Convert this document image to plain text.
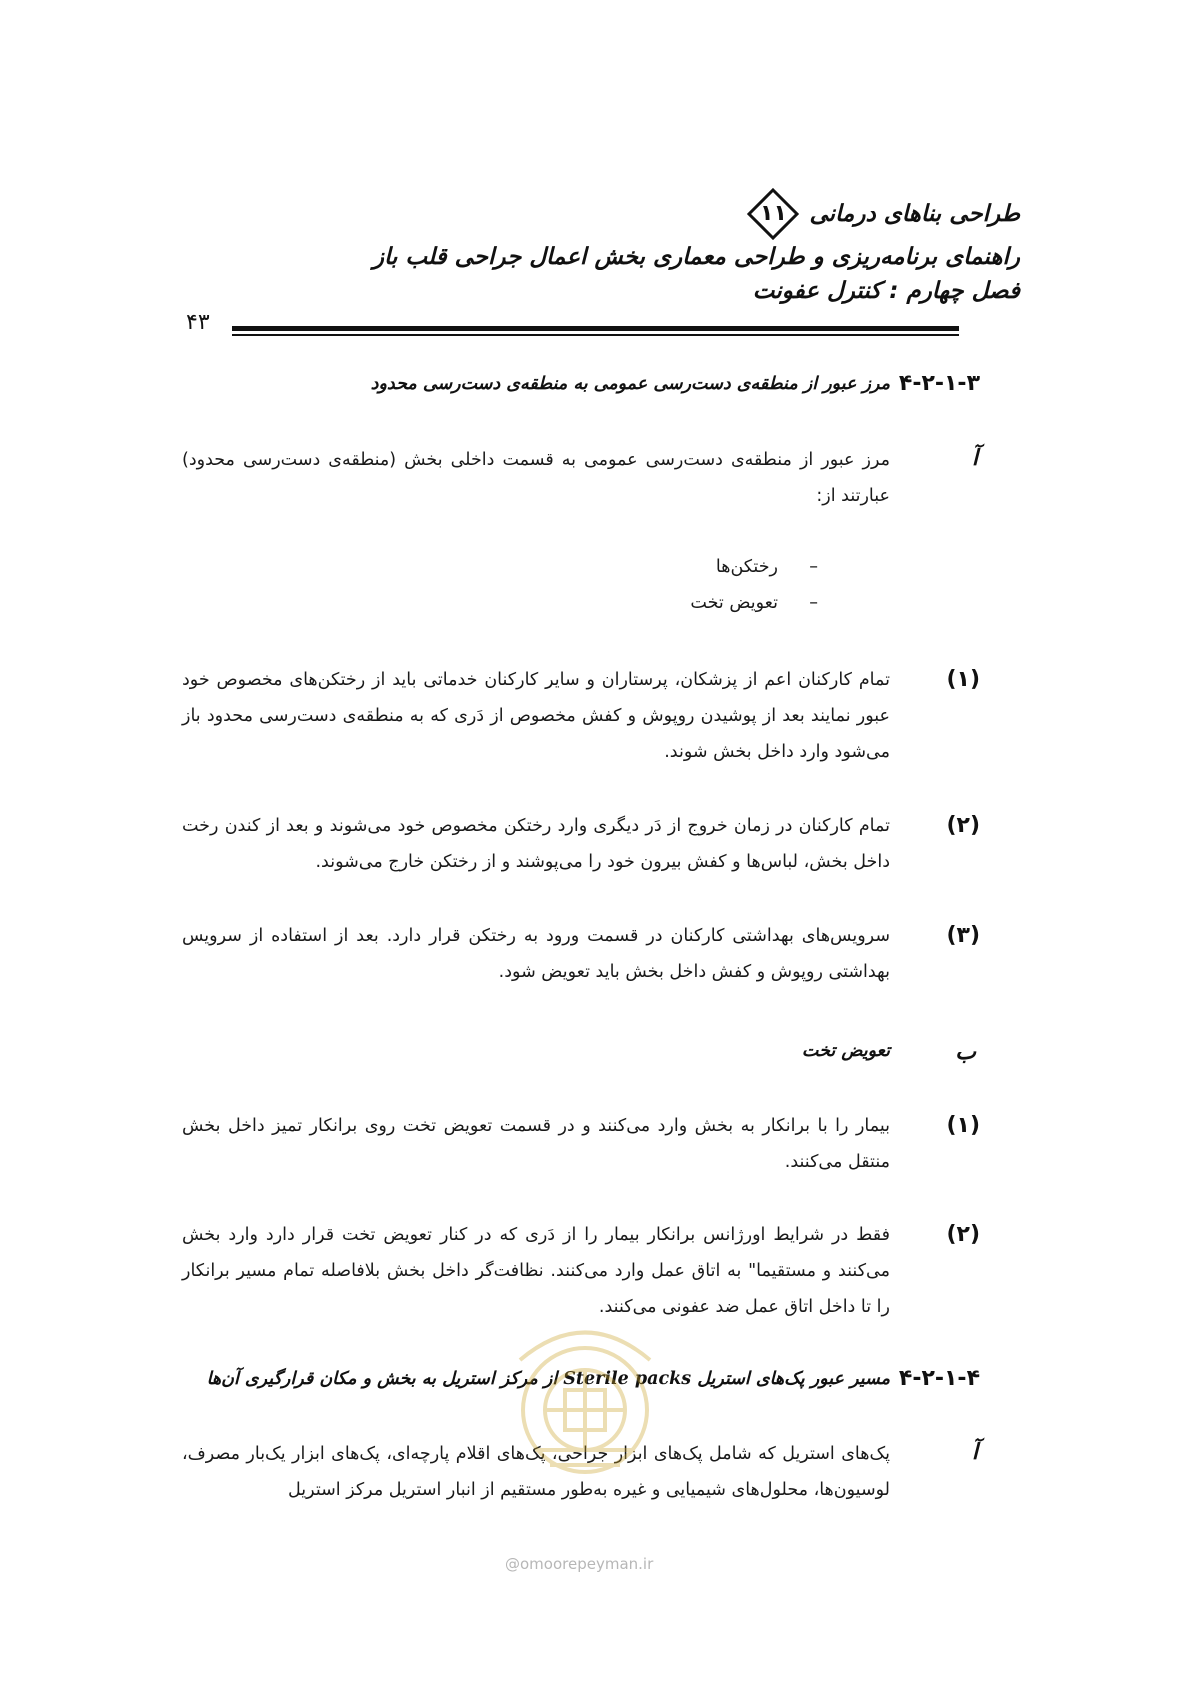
طراحی بناهای درمانی
۱۱
راهنمای برنامه‌ریزی و طراحی معماری بخش اعمال جراحی قلب باز
فصل چهارم : کنترل عفونت
۴۳
۴-۲-۱-۳
مرز عبور از منطقه‌ی دست‌رسی عمومی به منطقه‌ی دست‌رسی محدود
آ
مرز عبور از منطقه‌ی دست‌رسی عمومی به قسمت داخلی بخش (منطقه‌ی دست‌رسی محدود) عبارتند از:
–
رختکن‌ها
–
تعویض تخت
(۱)
تمام کارکنان اعم از پزشکان، پرستاران و سایر کارکنان خدماتی باید از رختکن‌های مخصوص خود عبور نمایند بعد از پوشیدن روپوش و کفش مخصوص از دَری که به منطقه‌ی دست‌رسی محدود باز می‌شود وارد داخل بخش شوند.
(۲)
تمام کارکنان در زمان خروج از دَر دیگری وارد رختکن مخصوص خود می‌شوند و بعد از کندن رخت داخل بخش، لباس‌ها و کفش بیرون خود را می‌پوشند و از رختکن خارج می‌شوند.
(۳)
سرویس‌های بهداشتی کارکنان در قسمت ورود به رختکن قرار دارد. بعد از استفاده از سرویس بهداشتی روپوش و کفش داخل بخش باید تعویض شود.
ب
تعویض تخت
(۱)
بیمار را با برانکار به بخش وارد می‌کنند و در قسمت تعویض تخت روی برانکار تمیز داخل بخش منتقل می‌کنند.
(۲)
فقط در شرایط اورژانس برانکار بیمار را از دَری که در کنار تعویض تخت قرار دارد وارد بخش می‌کنند و مستقیما" به اتاق عمل وارد می‌کنند. نظافت‌گر داخل بخش بلافاصله تمام مسیر برانکار را تا داخل اتاق عمل ضد عفونی می‌کنند.
۴-۲-۱-۴
مسیر عبور پک‌های استریل Sterile packs از مرکز استریل به بخش و مکان قرارگیری آن‌ها
آ
پک‌های استریل که شامل پک‌های ابزار جراحی، پک‌های اقلام پارچه‌ای، پک‌های ابزار یک‌بار مصرف، لوسیون‌ها، محلول‌های شیمیایی و غیره به‌طور مستقیم از انبار استریل مرکز استریل
@omoorepeyman.ir
